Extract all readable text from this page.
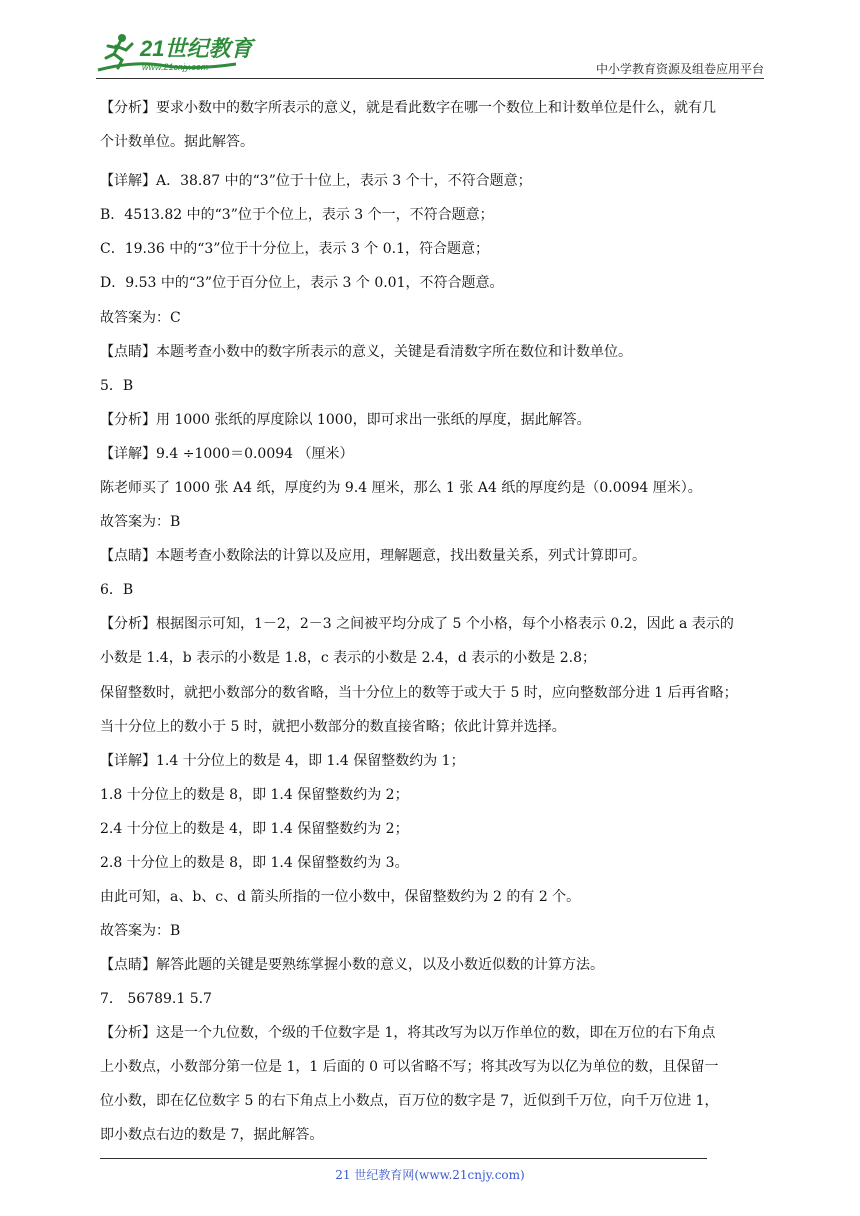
21世纪教育
www.21cnjy.com	中小学教育资源及组卷应用平台
【分析】要求小数中的数字所表示的意义，就是看此数字在哪一个数位上和计数单位是什么，就有几
个计数单位。据此解答。
【详解】A．38.87 中的“3”位于十位上，表示 3 个十，不符合题意；
B．4513.82 中的“3”位于个位上，表示 3 个一，不符合题意；
C．19.36 中的“3”位于十分位上，表示 3 个 0.1，符合题意；
D．9.53 中的“3”位于百分位上，表示 3 个 0.01，不符合题意。
故答案为：C
【点睛】本题考查小数中的数字所表示的意义，关键是看清数字所在数位和计数单位。
5．B
【分析】用 1000 张纸的厚度除以 1000，即可求出一张纸的厚度，据此解答。
【详解】9.4 ÷1000＝0.0094 （厘米）
陈老师买了 1000 张 A4 纸，厚度约为 9.4 厘米，那么 1 张 A4 纸的厚度约是（0.0094 厘米）。
故答案为：B
【点睛】本题考查小数除法的计算以及应用，理解题意，找出数量关系，列式计算即可。
6．B
【分析】根据图示可知，1－2，2－3 之间被平均分成了 5 个小格，每个小格表示 0.2，因此 a 表示的
小数是 1.4，b 表示的小数是 1.8，c 表示的小数是 2.4，d 表示的小数是 2.8；
保留整数时，就把小数部分的数省略，当十分位上的数等于或大于 5 时，应向整数部分进 1 后再省略；
当十分位上的数小于 5 时，就把小数部分的数直接省略；依此计算并选择。
【详解】1.4 十分位上的数是 4，即 1.4 保留整数约为 1；
1.8 十分位上的数是 8，即 1.4 保留整数约为 2；
2.4 十分位上的数是 4，即 1.4 保留整数约为 2；
2.8 十分位上的数是 8，即 1.4 保留整数约为 3。
由此可知，a、b、c、d 箭头所指的一位小数中，保留整数约为 2 的有 2 个。
故答案为：B
【点睛】解答此题的关键是要熟练掌握小数的意义，以及小数近似数的计算方法。
7． 56789.1 5.7
【分析】这是一个九位数，个级的千位数字是 1，将其改写为以万作单位的数，即在万位的右下角点
上小数点，小数部分第一位是 1，1 后面的 0 可以省略不写；将其改写为以亿为单位的数，且保留一
位小数，即在亿位数字 5 的右下角点上小数点，百万位的数字是 7，近似到千万位，向千万位进 1，
即小数点右边的数是 7，据此解答。
21 世纪教育网(www.21cnjy.com)
